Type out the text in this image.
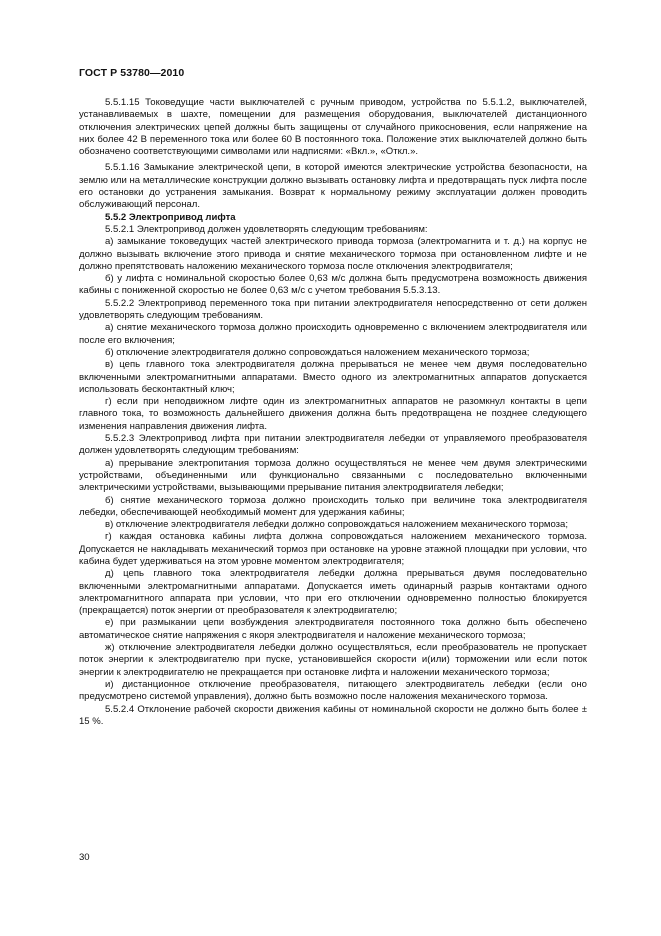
ГОСТ Р 53780—2010

5.5.1.15 Токоведущие части выключателей с ручным приводом, устройства по 5.5.1.2, выключателей, устанавливаемых в шахте, помещении для размещения оборудования, выключателей дистанционного отключения электрических цепей должны быть защищены от случайного прикосновения, если напряжение на них более 42 В переменного тока или более 60 В постоянного тока. Положение этих выключателей должно быть обозначено соответствующими символами или надписями: «Вкл.», «Откл.».

5.5.1.16 Замыкание электрической цепи, в которой имеются электрические устройства безопасности, на землю или на металлические конструкции должно вызывать остановку лифта и предотвращать пуск лифта после его остановки до устранения замыкания. Возврат к нормальному режиму эксплуатации должен проводить обслуживающий персонал.

5.5.2 Электропривод лифта

5.5.2.1 Электропривод должен удовлетворять следующим требованиям:

а) замыкание токоведущих частей электрического привода тормоза (электромагнита и т. д.) на корпус не должно вызывать включение этого привода и снятие механического тормоза при остановленном лифте и не должно препятствовать наложению механического тормоза после отключения электродвигателя;

б) у лифта с номинальной скоростью более 0,63 м/с должна быть предусмотрена возможность движения кабины с пониженной скоростью не более 0,63 м/с с учетом требования 5.5.3.13.

5.5.2.2 Электропривод переменного тока при питании электродвигателя непосредственно от сети должен удовлетворять следующим требованиям.

а) снятие механического тормоза должно происходить одновременно с включением электродвигателя или после его включения;

б) отключение электродвигателя должно сопровождаться наложением механического тормоза;

в) цепь главного тока электродвигателя должна прерываться не менее чем двумя последовательно включенными электромагнитными аппаратами. Вместо одного из электромагнитных аппаратов допускается использовать бесконтактный ключ;

г) если при неподвижном лифте один из электромагнитных аппаратов не разомкнул контакты в цепи главного тока, то возможность дальнейшего движения должна быть предотвращена не позднее следующего изменения направления движения лифта.

5.5.2.3 Электропривод лифта при питании электродвигателя лебедки от управляемого преобразователя должен удовлетворять следующим требованиям:

а) прерывание электропитания тормоза должно осуществляться не менее чем двумя электрическими устройствами, объединенными или функционально связанными с последовательно включенными электрическими устройствами, вызывающими прерывание питания электродвигателя лебедки;

б) снятие механического тормоза должно происходить только при величине тока электродвигателя лебедки, обеспечивающей необходимый момент для удержания кабины;

в) отключение электродвигателя лебедки должно сопровождаться наложением механического тормоза;

г) каждая остановка кабины лифта должна сопровождаться наложением механического тормоза. Допускается не накладывать механический тормоз при остановке на уровне этажной площадки при условии, что кабина будет удерживаться на этом уровне моментом электродвигателя;

д) цепь главного тока электродвигателя лебедки должна прерываться двумя последовательно включенными электромагнитными аппаратами. Допускается иметь одинарный разрыв контактами одного электромагнитного аппарата при условии, что при его отключении одновременно полностью блокируется (прекращается) поток энергии от преобразователя к электродвигателю;

е) при размыкании цепи возбуждения электродвигателя постоянного тока должно быть обеспечено автоматическое снятие напряжения с якоря электродвигателя и наложение механического тормоза;

ж) отключение электродвигателя лебедки должно осуществляться, если преобразователь не пропускает поток энергии к электродвигателю при пуске, установившейся скорости и(или) торможении или если поток энергии к электродвигателю не прекращается при остановке лифта и наложении механического тормоза;

и) дистанционное отключение преобразователя, питающего электродвигатель лебедки (если оно предусмотрено системой управления), должно быть возможно после наложения механического тормоза.

5.5.2.4 Отклонение рабочей скорости движения кабины от номинальной скорости не должно быть более ± 15 %.

30
